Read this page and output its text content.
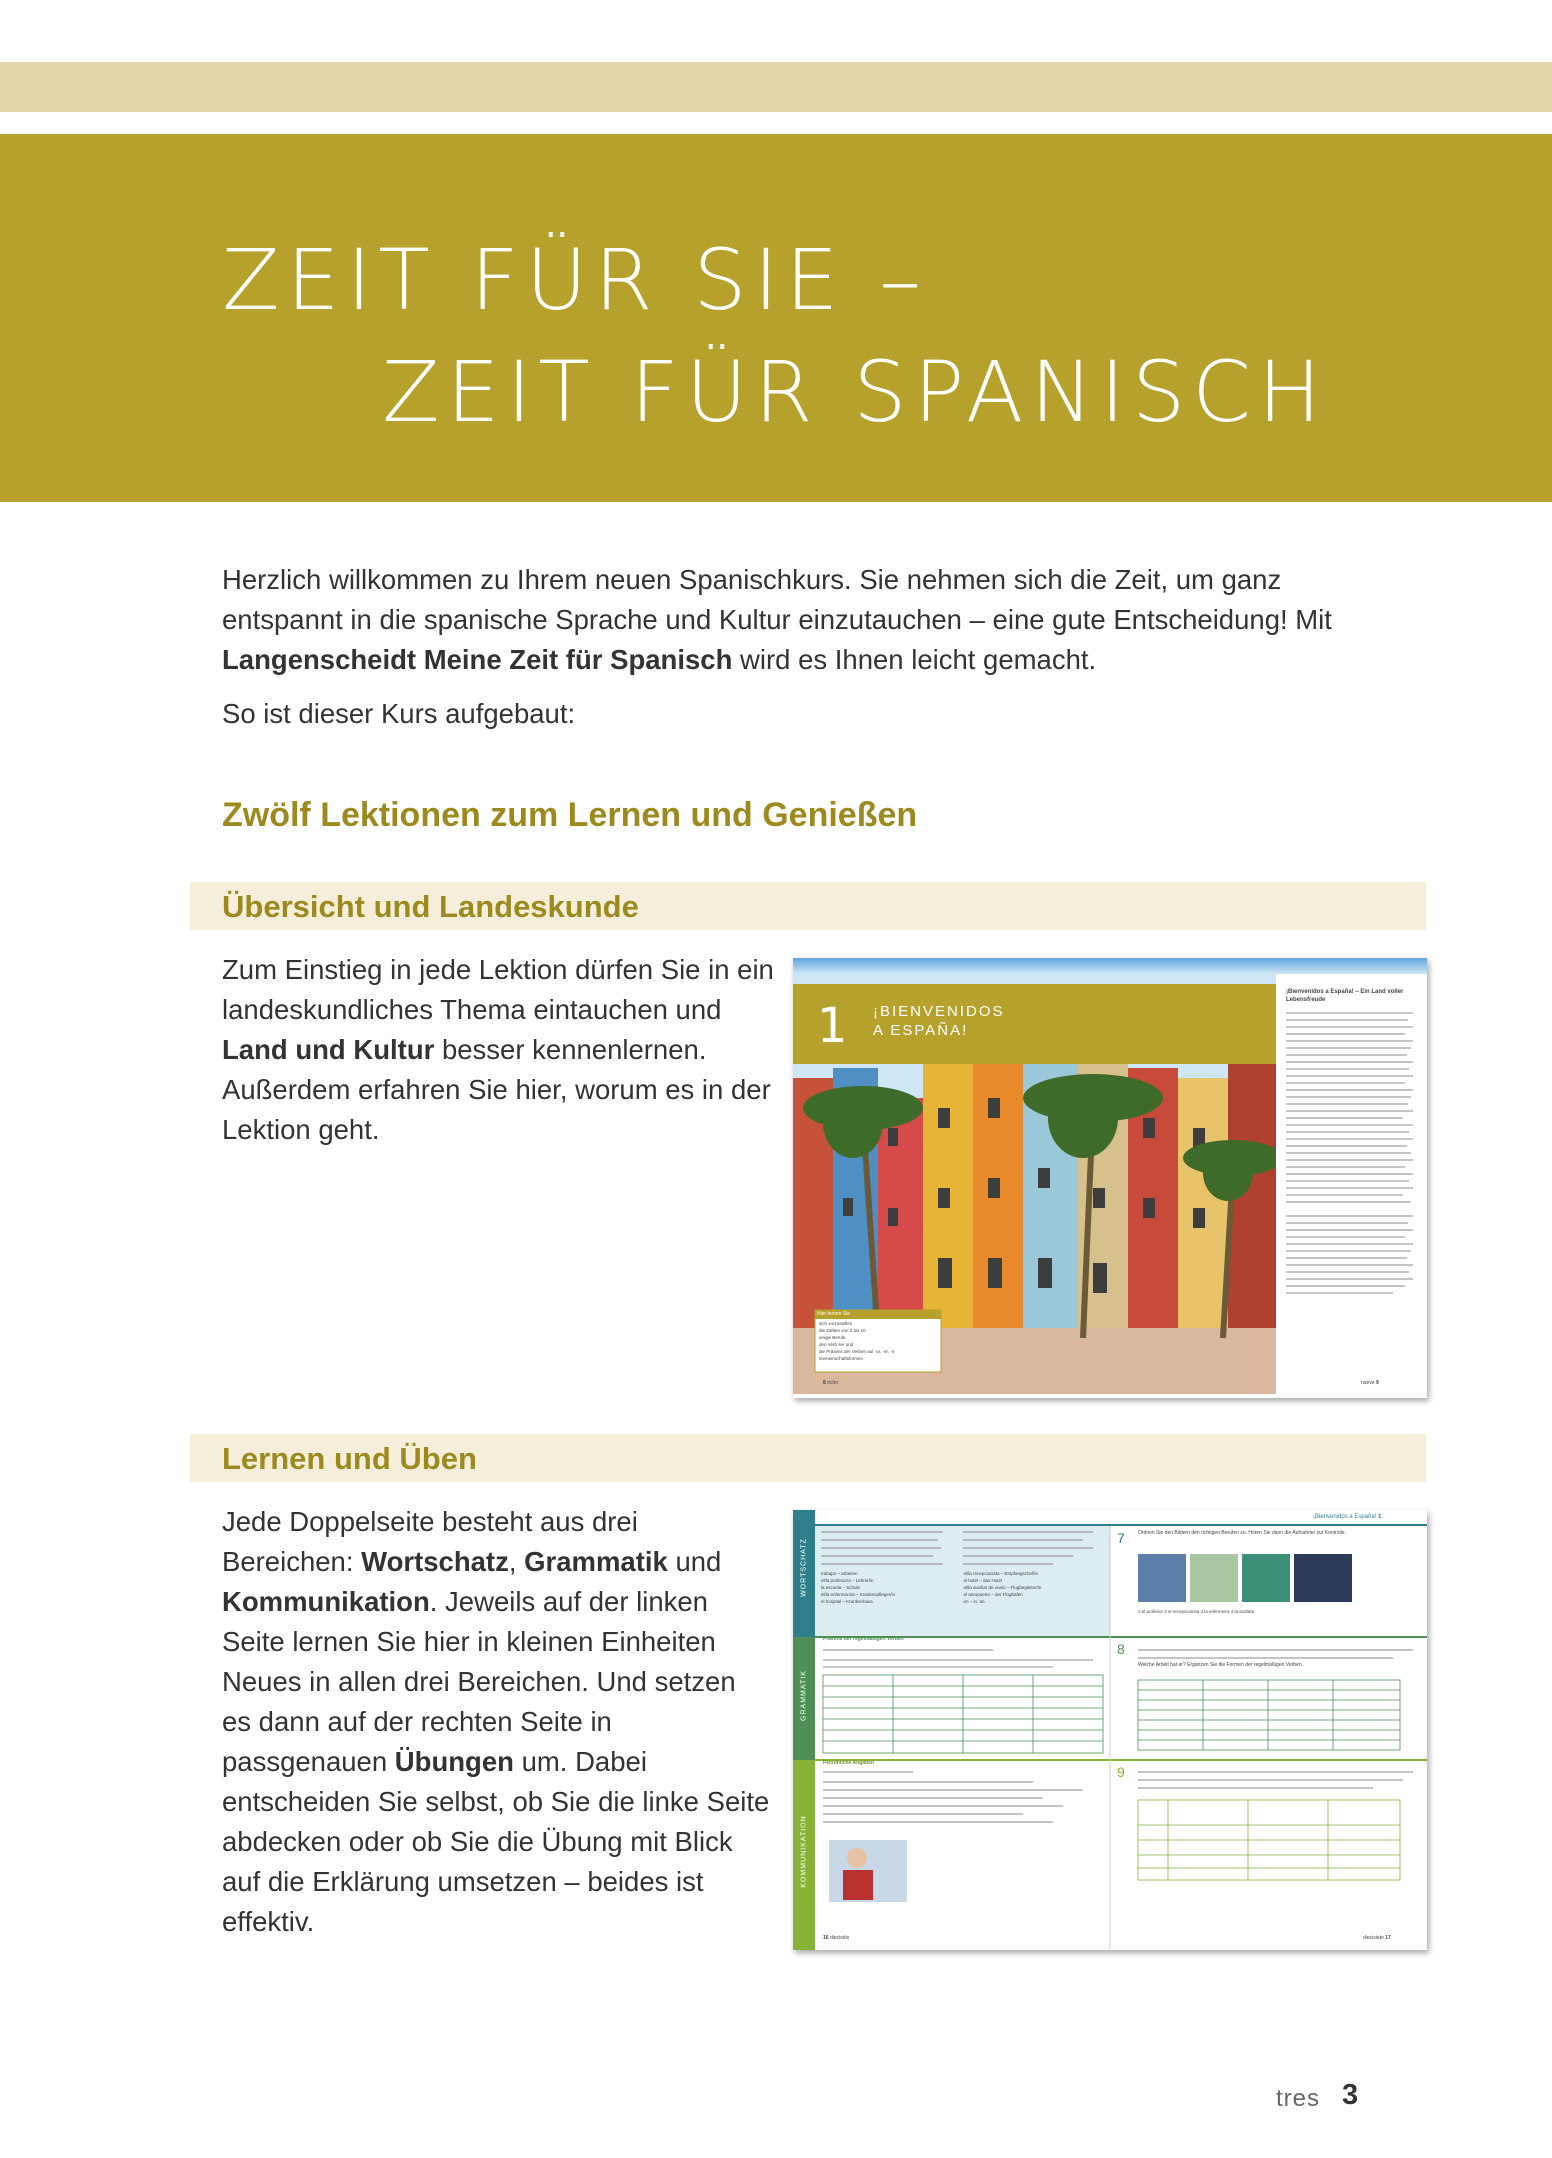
ZEIT FÜR SIE –
ZEIT FÜR SPANISCH

Herzlich willkommen zu Ihrem neuen Spanischkurs. Sie nehmen sich die Zeit, um ganz entspannt in die spanische Sprache und Kultur einzutauchen – eine gute Entscheidung! Mit Langenscheidt Meine Zeit für Spanisch wird es Ihnen leicht gemacht.

So ist dieser Kurs aufgebaut:

Zwölf Lektionen zum Lernen und Genießen
Übersicht und Landeskunde
Zum Einstieg in jede Lektion dürfen Sie in ein landeskundliches Thema eintauchen und Land und Kultur besser kennenlernen. Außerdem erfahren Sie hier, worum es in der Lektion geht.
1 ¡BIENVENIDOS A ESPAÑA!
¡Bienvenidos a España! – Ein Land voller Lebensfreude
Hier lernen Sie
sich vorzustellen
die Zahlen von 0 bis 10
einige Berufe
den Verb ser und
die Präsens der Verben auf -ar, -er, -ir
Gemeinschaftsformen
8 ocho	nueve 9
Lernen und Üben
Jede Doppelseite besteht aus drei Bereichen: Wortschatz, Grammatik und Kommunikation. Jeweils auf der linken Seite lernen Sie hier in kleinen Einheiten Neues in allen drei Bereichen. Und setzen es dann auf der rechten Seite in passgenauen Übungen um. Dabei entscheiden Sie selbst, ob Sie die linke Seite abdecken oder ob Sie die Übung mit Blick auf die Erklärung umsetzen – beides ist effektiv.
WORTSCHATZ
GRAMMATIK
KOMMUNIKATION
¡Bienvenidos a España! 1
7	Ordnen Sie den Bildern den richtigen Berufen zu. Hören Sie dann die Aufnahme zur Kontrolle.
1 el profesor 2 el recepcionista 3 la enfermera 4 la azafata
8
Welche Arbeit hat er? Ergänzen Sie die Formen der regelmäßigen Verben.
9
Präsens der regelmäßigen Verben
Persönliche Angaben
trabajar – arbeiten
el/la profesor/a – Lehrer/in
la escuela – Schule
el/la enfermero/a – Krankenpfleger/in
el hospital – Krankenhaus
el/la recepcionista – Empfangschef/in
el hotel – das Hotel
el/la auxiliar de vuelo – Flugbegleiter/in
el aeropuerto – der Flughafen
en – in, an
16 dieciséis	diecisiete 17
tres 3
